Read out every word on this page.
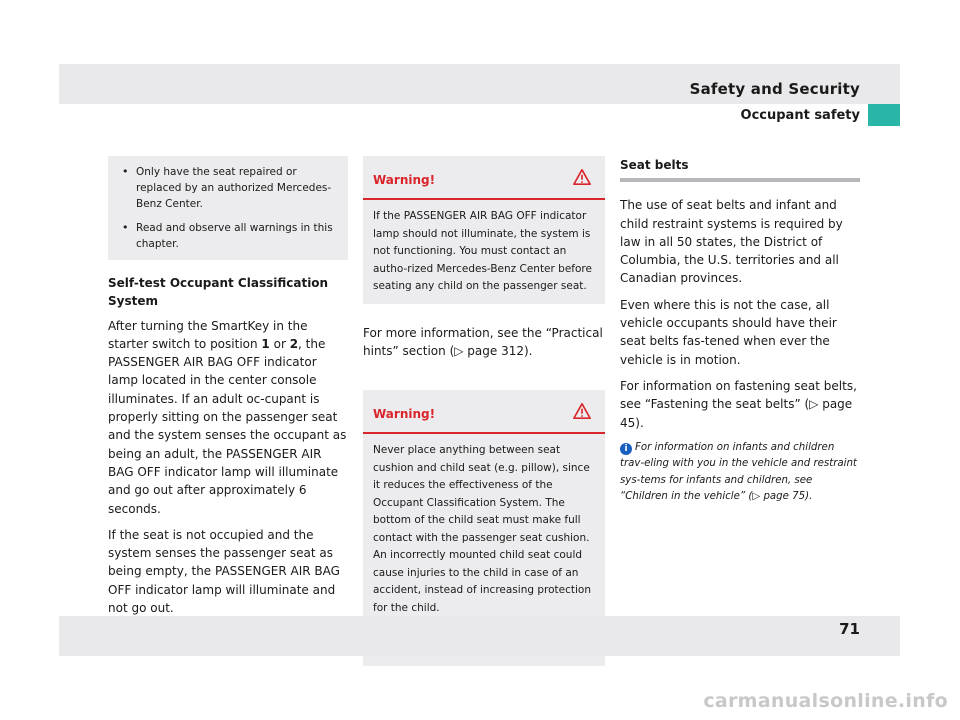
Safety and Security
Occupant safety
• Only have the seat repaired or replaced by an authorized Mercedes-Benz Center.
• Read and observe all warnings in this chapter.
Self-test Occupant Classification System

After turning the SmartKey in the starter switch to position 1 or 2, the PASSENGER AIR BAG OFF indicator lamp located in the center console illuminates. If an adult oc-cupant is properly sitting on the passenger seat and the system senses the occupant as being an adult, the PASSENGER AIR BAG OFF indicator lamp will illuminate and go out after approximately 6 seconds.

If the seat is not occupied and the system senses the passenger seat as being empty, the PASSENGER AIR BAG OFF indicator lamp will illuminate and not go out.

Warning!

If the PASSENGER AIR BAG OFF indicator lamp should not illuminate, the system is not functioning. You must contact an autho-rized Mercedes-Benz Center before seating any child on the passenger seat.

For more information, see the “Practical hints” section (▷ page 312).

Warning!

Never place anything between seat cushion and child seat (e.g. pillow), since it reduces the effectiveness of the Occupant Classification System. The bottom of the child seat must make full contact with the passenger seat cushion. An incorrectly mounted child seat could cause injuries to the child in case of an accident, instead of increasing protection for the child.

Seat belts

The use of seat belts and infant and child restraint systems is required by law in all 50 states, the District of Columbia, the U.S. territories and all Canadian provinces.

Even where this is not the case, all vehicle occupants should have their seat belts fas-tened when ever the vehicle is in motion.

For information on fastening seat belts, see “Fastening the seat belts” (▷ page 45).

i For information on infants and children trav-eling with you in the vehicle and restraint sys-tems for infants and children, see “Children in the vehicle” (▷ page 75).
71
carmanualsonline.info
